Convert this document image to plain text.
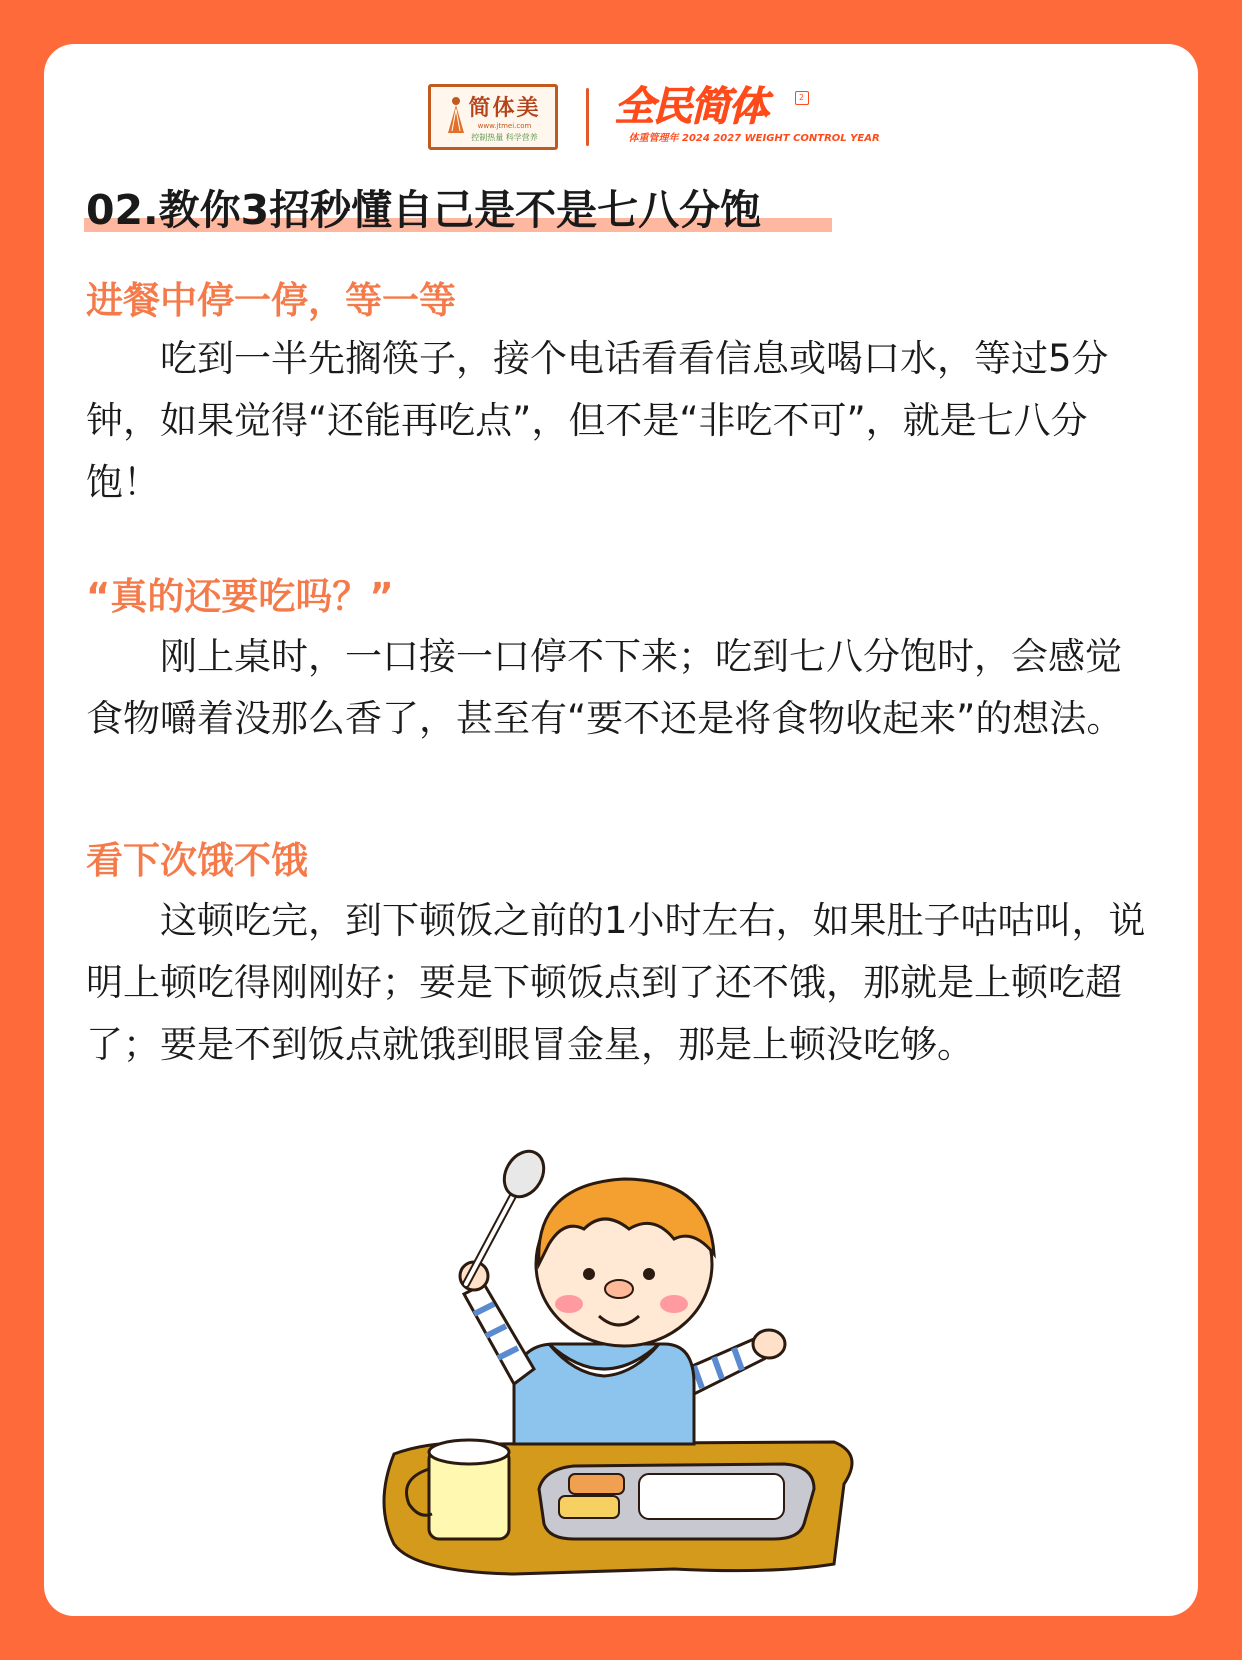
简体美
www.jtmei.com
控制热量 科学营养
全民简体
体重管理年 2024 2027 WEIGHT CONTROL YEAR
2
02.教你3招秒懂自己是不是七八分饱
进餐中停一停，等一等
吃到一半先搁筷子，接个电话看看信息或喝口水，等过5分钟，如果觉得“还能再吃点”，但不是“非吃不可”，就是七八分饱！
“真的还要吃吗？”
刚上桌时，一口接一口停不下来；吃到七八分饱时，会感觉食物嚼着没那么香了，甚至有“要不还是将食物收起来”的想法。
看下次饿不饿
这顿吃完，到下顿饭之前的1小时左右，如果肚子咕咕叫，说明上顿吃得刚刚好；要是下顿饭点到了还不饿，那就是上顿吃超了；要是不到饭点就饿到眼冒金星，那是上顿没吃够。
